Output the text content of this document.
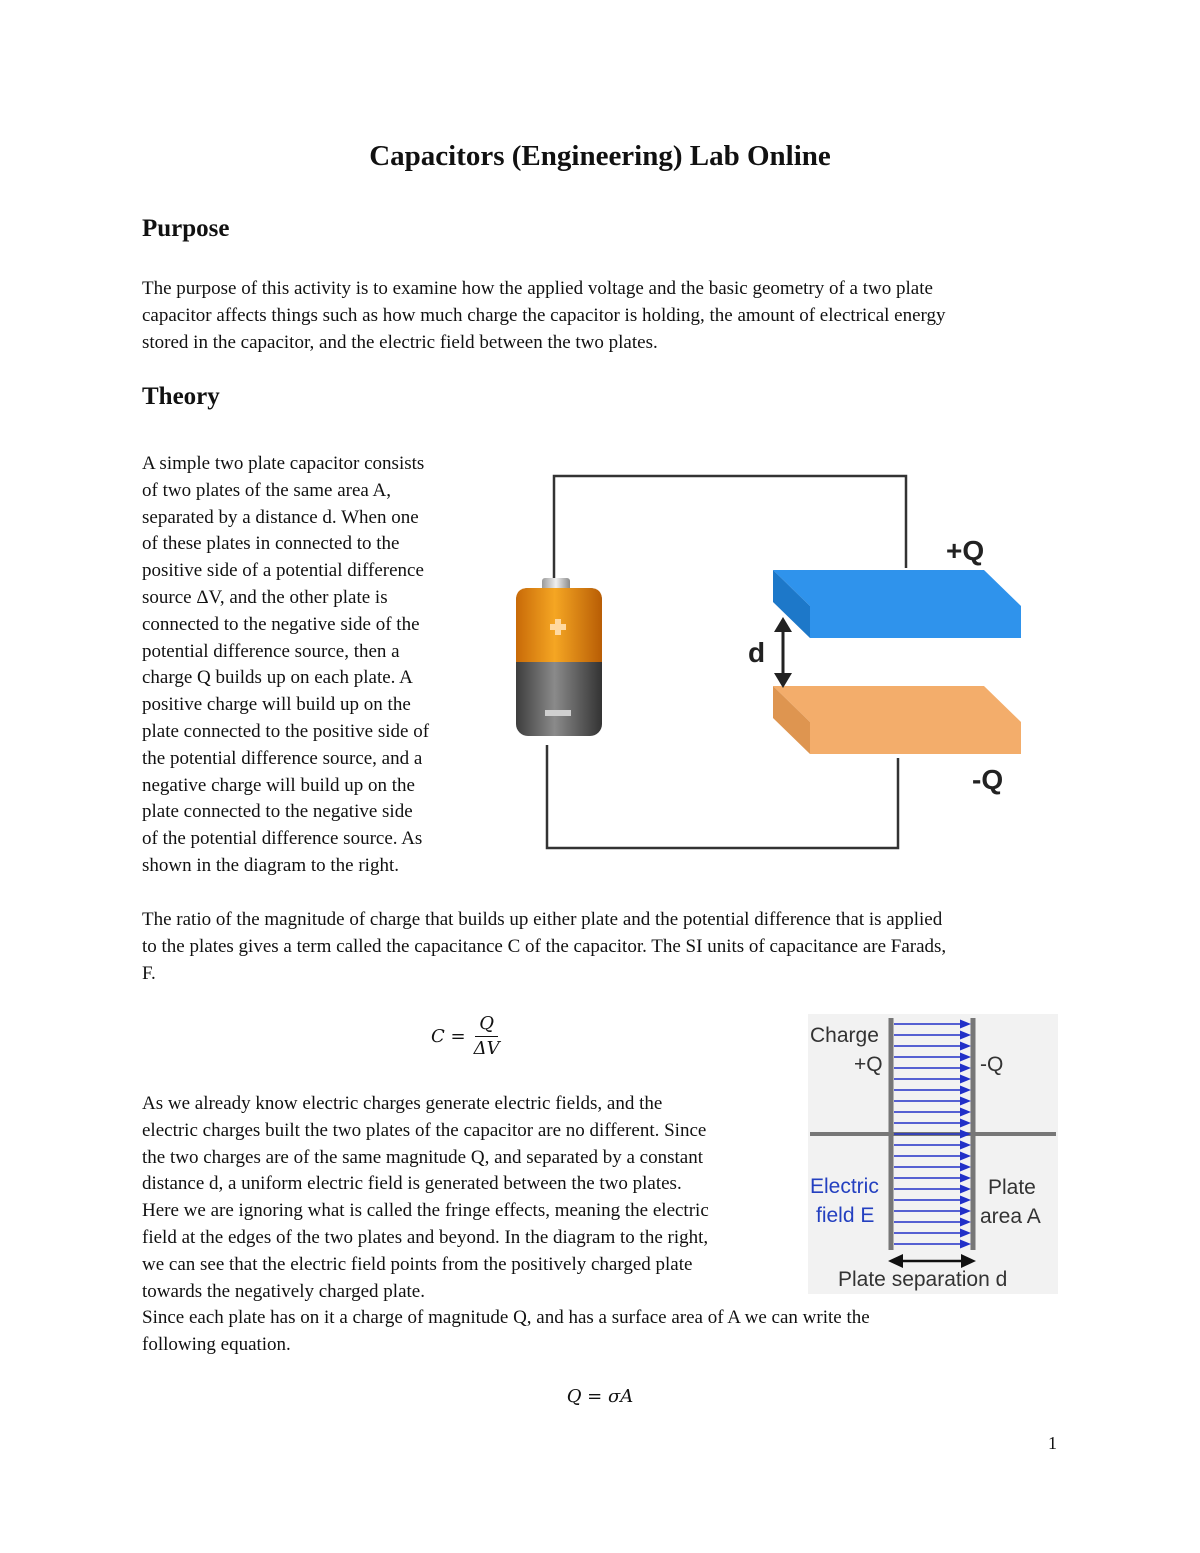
Capacitors (Engineering) Lab Online
Purpose
The purpose of this activity is to examine how the applied voltage and the basic geometry of a two plate
capacitor affects things such as how much charge the capacitor is holding, the amount of electrical energy
stored in the capacitor, and the electric field between the two plates.
Theory
A simple two plate capacitor consists
of two plates of the same area A,
separated by a distance d. When one
of these plates in connected to the
positive side of a potential difference
source ΔV, and the other plate is
connected to the negative side of the
potential difference source, then a
charge Q builds up on each plate. A
positive charge will build up on the
plate connected to the positive side of
the potential difference source, and a
negative charge will build up on the
plate connected to the negative side
of the potential difference source. As
shown in the diagram to the right.
d
+Q
-Q
The ratio of the magnitude of charge that builds up either plate and the potential difference that is applied
to the plates gives a term called the capacitance C of the capacitor. The SI units of capacitance are Farads,
F.
$C = \frac{Q}{\Delta V}$	Charge
+Q	-Q
Electric
field E
Plate
area A
Plate separation d
As we already know electric charges generate electric fields, and the
electric charges built the two plates of the capacitor are no different. Since
the two charges are of the same magnitude Q, and separated by a constant
distance d, a uniform electric field is generated between the two plates.
Here we are ignoring what is called the fringe effects, meaning the electric
field at the edges of the two plates and beyond. In the diagram to the right,
we can see that the electric field points from the positively charged plate
towards the negatively charged plate.
Since each plate has on it a charge of magnitude Q, and has a surface area of A we can write the
following equation.
Q = σA
1
